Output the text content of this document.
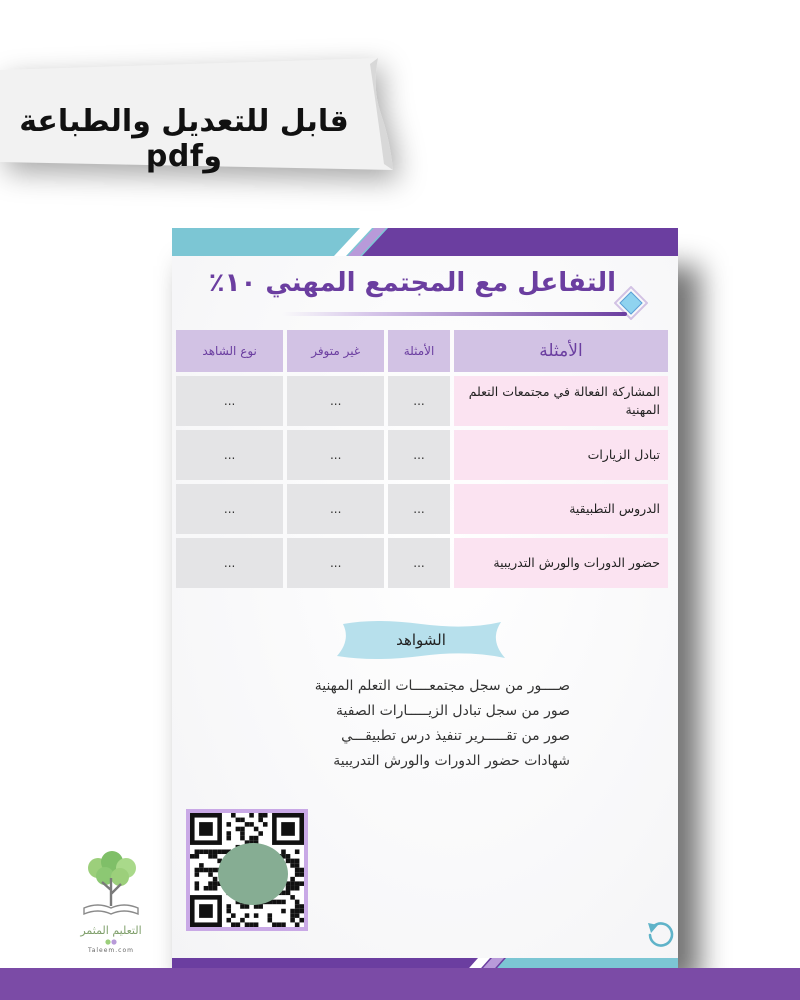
قابل للتعديل والطباعة وpdf
التفاعل مع المجتمع المهني ١٠٪
الأمثلة	الأمثلة	غير متوفر	نوع الشاهد
المشاركة الفعالة في مجتمعات التعلم المهنية	...	...	...
تبادل الزيارات	...	...	...
الدروس التطبيقية	...	...	...
حضور الدورات والورش التدريبية	...	...	...
الشواهد
صــــور من سجل مجتمعــــات التعلم المهنية
صور من سجل تبادل الزيـــــارات الصفية
صور من تقـــــرير تنفيذ درس تطبيقـــي
شهادات حضور الدورات والورش التدريبية
التعليم المثمر
Taleem.com
